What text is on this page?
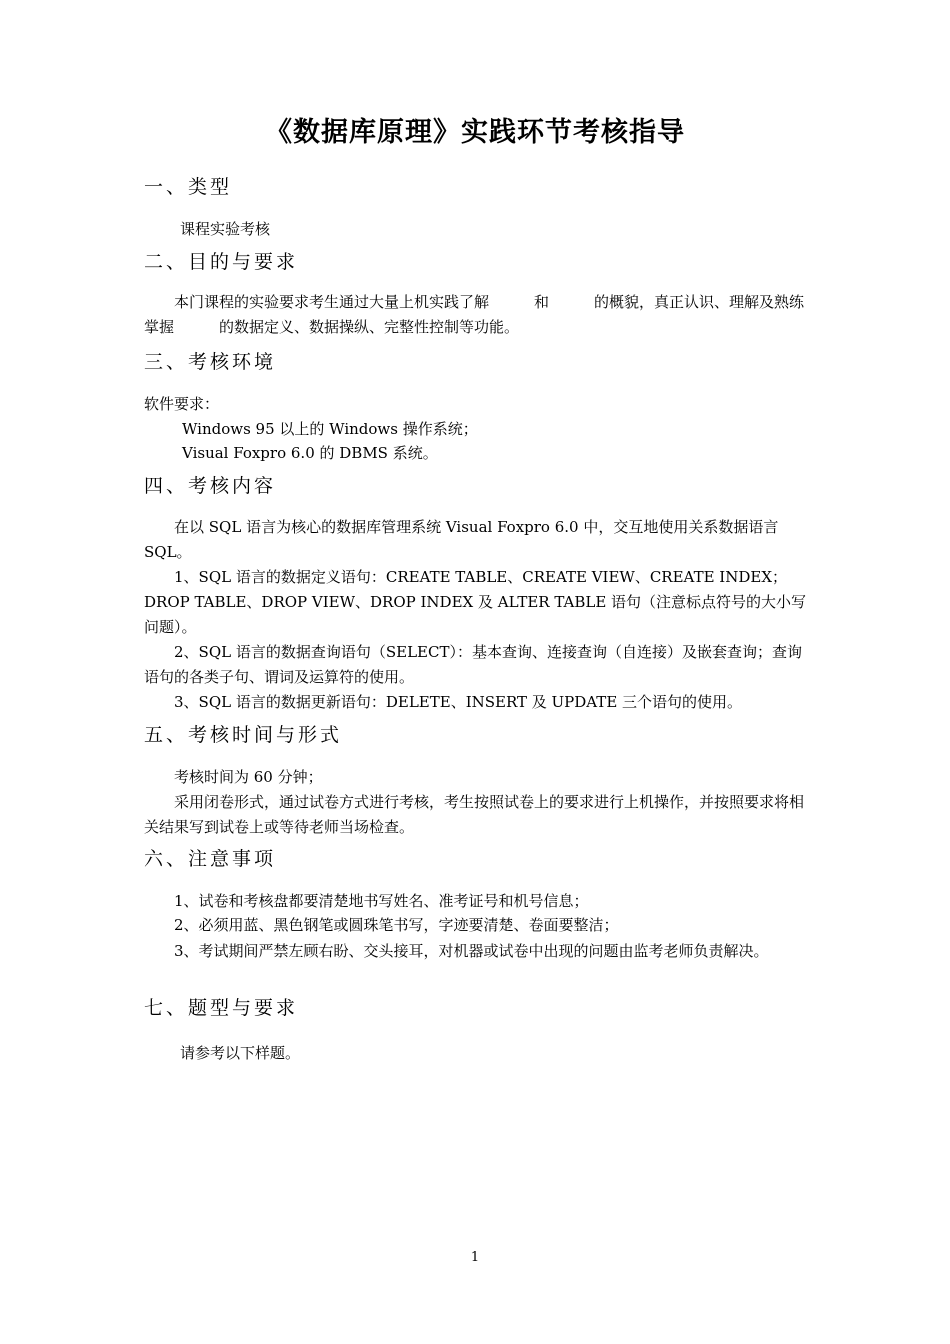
《数据库原理》实践环节考核指导
一、类型
课程实验考核
二、目的与要求
本门课程的实验要求考生通过大量上机实践了解　　　和　　　的概貌，真正认识、理解及熟练掌握　　　的数据定义、数据操纵、完整性控制等功能。
三、考核环境
软件要求：
Windows 95 以上的 Windows 操作系统；
Visual Foxpro 6.0 的 DBMS 系统。
四、考核内容
在以 SQL 语言为核心的数据库管理系统 Visual Foxpro 6.0 中，交互地使用关系数据语言 SQL。
1、SQL 语言的数据定义语句：CREATE TABLE、CREATE VIEW、CREATE INDEX；DROP TABLE、DROP VIEW、DROP INDEX 及 ALTER TABLE 语句（注意标点符号的大小写问题）。
2、SQL 语言的数据查询语句（SELECT）：基本查询、连接查询（自连接）及嵌套查询；查询语句的各类子句、谓词及运算符的使用。
3、SQL 语言的数据更新语句：DELETE、INSERT 及 UPDATE 三个语句的使用。
五、考核时间与形式
考核时间为 60 分钟；
采用闭卷形式，通过试卷方式进行考核，考生按照试卷上的要求进行上机操作，并按照要求将相关结果写到试卷上或等待老师当场检查。
六、注意事项
1、试卷和考核盘都要清楚地书写姓名、准考证号和机号信息；
2、必须用蓝、黑色钢笔或圆珠笔书写，字迹要清楚、卷面要整洁；
3、考试期间严禁左顾右盼、交头接耳，对机器或试卷中出现的问题由监考老师负责解决。
七、题型与要求
请参考以下样题。
1
